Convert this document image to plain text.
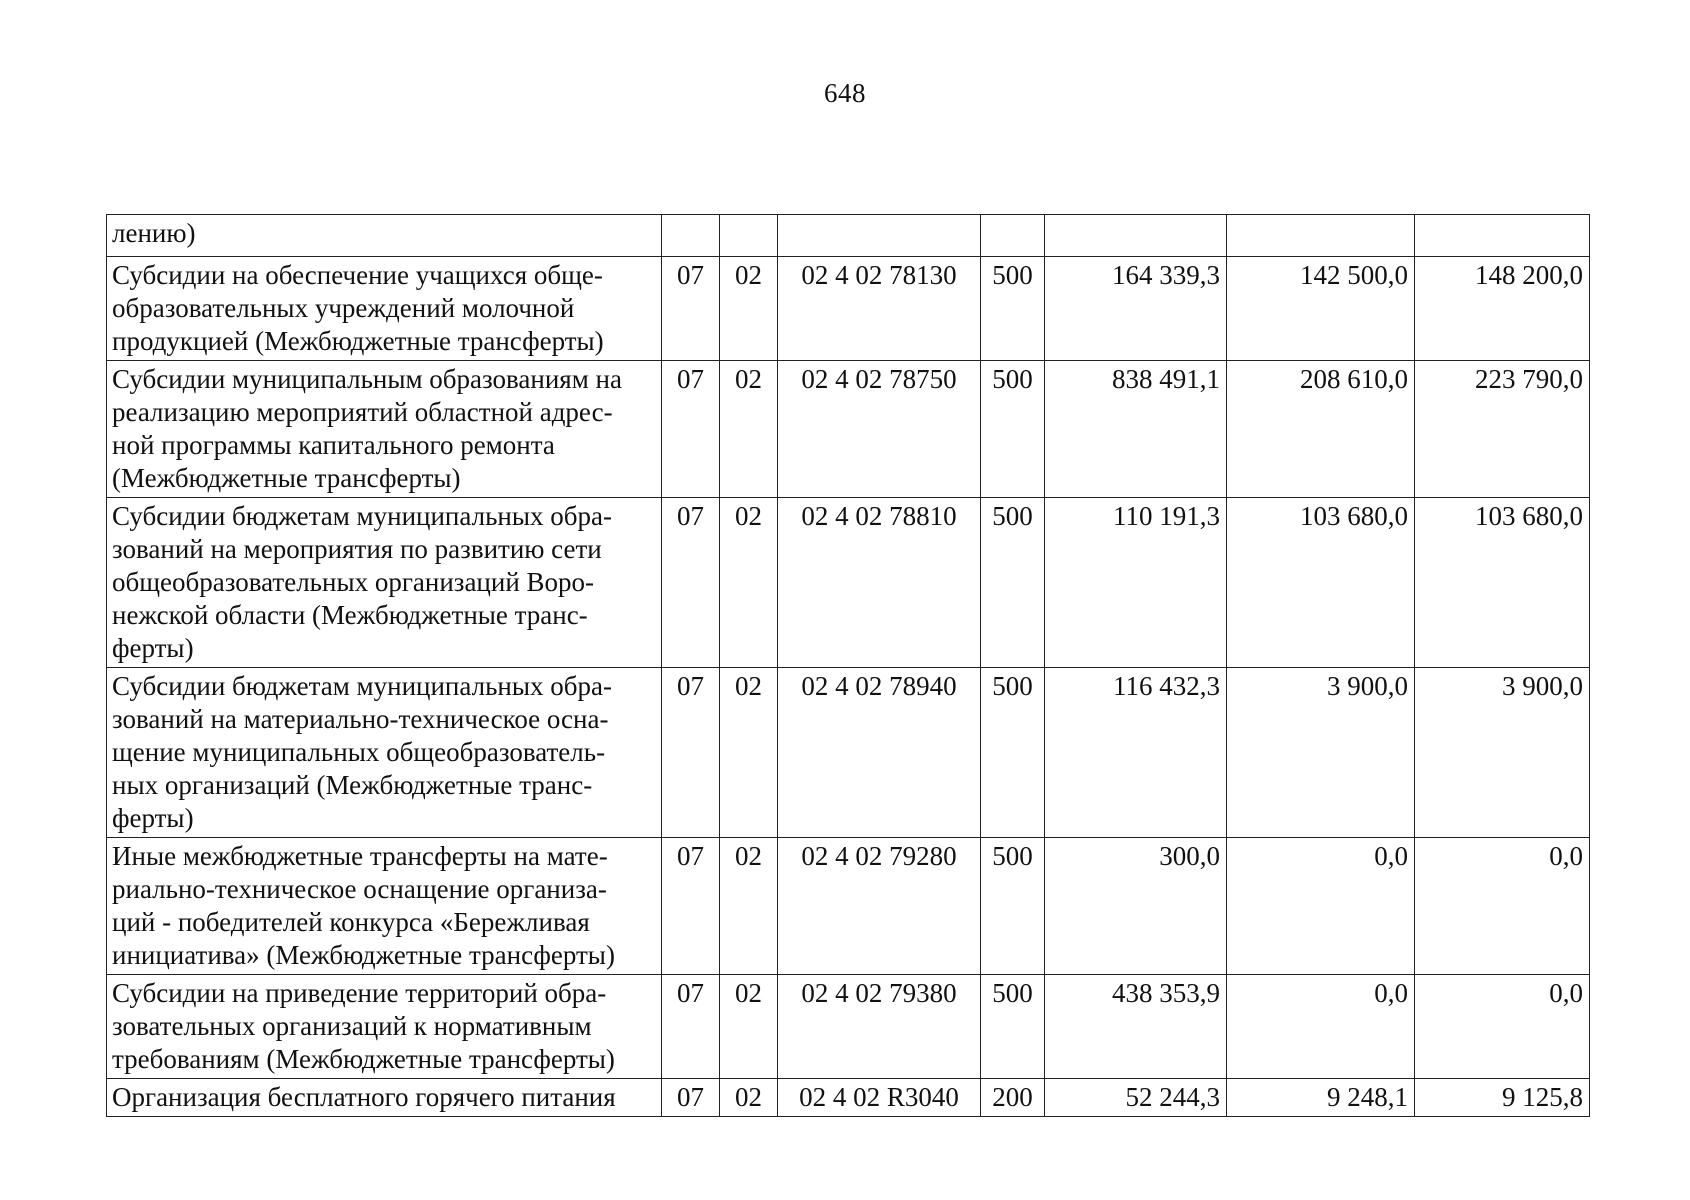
648
лению)							
Субсидии на обеспечение учащихся обще-
образовательных учреждений молочной
продукцией (Межбюджетные трансферты)	07	02	02 4 02 78130	500	164 339,3	142 500,0	148 200,0
Субсидии муниципальным образованиям на
реализацию мероприятий областной адрес-
ной программы капитального ремонта
(Межбюджетные трансферты)	07	02	02 4 02 78750	500	838 491,1	208 610,0	223 790,0
Субсидии бюджетам муниципальных обра-
зований на мероприятия по развитию сети
общеобразовательных организаций Воро-
нежской области (Межбюджетные транс-
ферты)	07	02	02 4 02 78810	500	110 191,3	103 680,0	103 680,0
Субсидии бюджетам муниципальных обра-
зований на материально-техническое осна-
щение муниципальных общеобразователь-
ных организаций (Межбюджетные транс-
ферты)	07	02	02 4 02 78940	500	116 432,3	3 900,0	3 900,0
Иные межбюджетные трансферты на мате-
риально-техническое оснащение организа-
ций - победителей конкурса «Бережливая
инициатива» (Межбюджетные трансферты)	07	02	02 4 02 79280	500	300,0	0,0	0,0
Субсидии на приведение территорий обра-
зовательных организаций к нормативным
требованиям (Межбюджетные трансферты)	07	02	02 4 02 79380	500	438 353,9	0,0	0,0
Организация бесплатного горячего питания	07	02	02 4 02 R3040	200	52 244,3	9 248,1	9 125,8
